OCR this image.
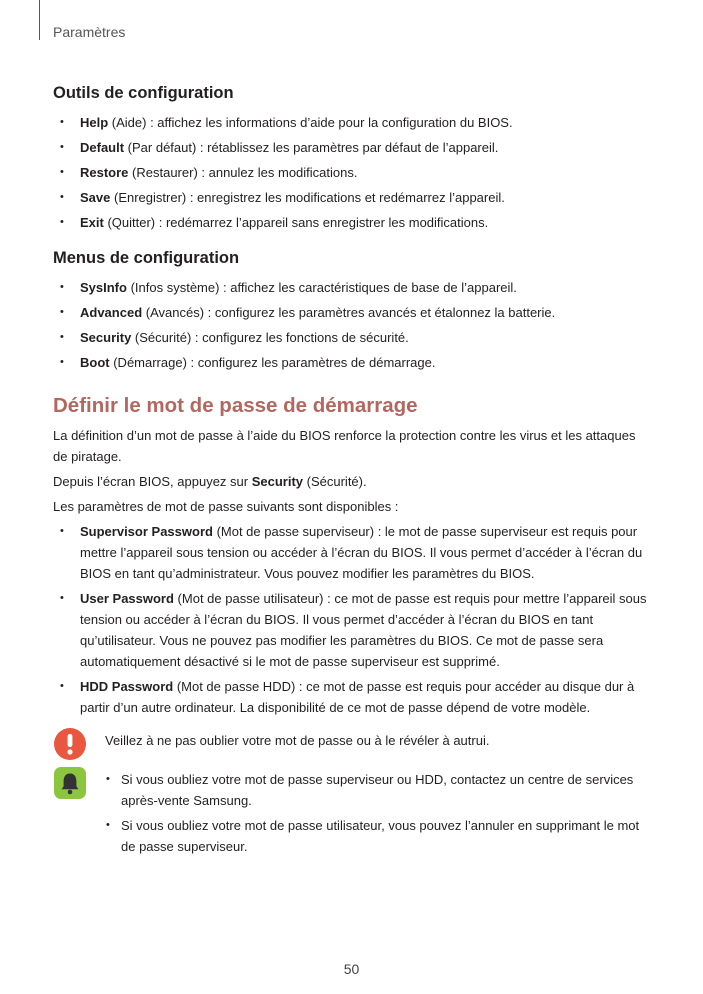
Paramètres
Outils de configuration
• Help (Aide) : affichez les informations d’aide pour la configuration du BIOS.
• Default (Par défaut) : rétablissez les paramètres par défaut de l’appareil.
• Restore (Restaurer) : annulez les modifications.
• Save (Enregistrer) : enregistrez les modifications et redémarrez l’appareil.
• Exit (Quitter) : redémarrez l’appareil sans enregistrer les modifications.
Menus de configuration
• SysInfo (Infos système) : affichez les caractéristiques de base de l’appareil.
• Advanced (Avancés) : configurez les paramètres avancés et étalonnez la batterie.
• Security (Sécurité) : configurez les fonctions de sécurité.
• Boot (Démarrage) : configurez les paramètres de démarrage.
Définir le mot de passe de démarrage

La définition d’un mot de passe à l’aide du BIOS renforce la protection contre les virus et les attaques de piratage.

Depuis l’écran BIOS, appuyez sur Security (Sécurité).

Les paramètres de mot de passe suivants sont disponibles :

• Supervisor Password (Mot de passe superviseur) : le mot de passe superviseur est requis pour mettre l’appareil sous tension ou accéder à l’écran du BIOS. Il vous permet d’accéder à l’écran du BIOS en tant qu’administrateur. Vous pouvez modifier les paramètres du BIOS.
• User Password (Mot de passe utilisateur) : ce mot de passe est requis pour mettre l’appareil sous tension ou accéder à l’écran du BIOS. Il vous permet d’accéder à l’écran du BIOS en tant qu’utilisateur. Vous ne pouvez pas modifier les paramètres du BIOS. Ce mot de passe sera automatiquement désactivé si le mot de passe superviseur est supprimé.
• HDD Password (Mot de passe HDD) : ce mot de passe est requis pour accéder au disque dur à partir d’un autre ordinateur. La disponibilité de ce mot de passe dépend de votre modèle.
Veillez à ne pas oublier votre mot de passe ou à le révéler à autrui.
• Si vous oubliez votre mot de passe superviseur ou HDD, contactez un centre de services après-vente Samsung.
• Si vous oubliez votre mot de passe utilisateur, vous pouvez l’annuler en supprimant le mot de passe superviseur.
50
